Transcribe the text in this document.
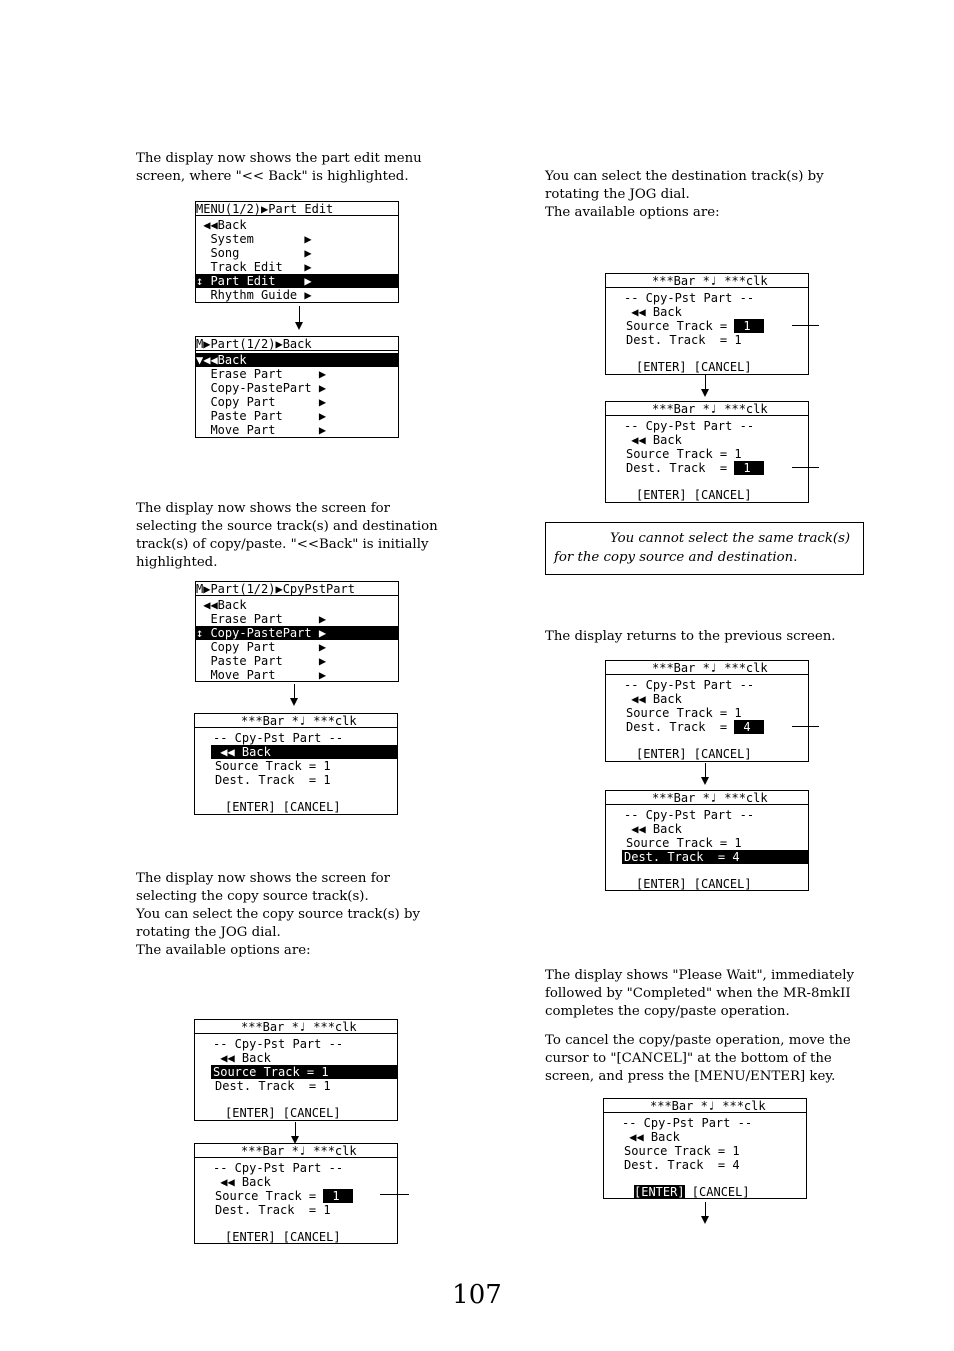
The display now shows the part edit menu
screen, where "<< Back" is highlighted.

MENU(1/2)▶Part Edit
◀◀Back
System       ▶
Song         ▶
Track Edit   ▶
↕ Part Edit    ▶
Rhythm Guide ▶
M▶Part(1/2)▶Back
▼◀◀Back
Erase Part     ▶
Copy-PastePart ▶
Copy Part      ▶
Paste Part     ▶
Move Part      ▶

The display now shows the screen for
selecting the source track(s) and destination
track(s) of copy/paste. "<<Back" is initially
highlighted.

M▶Part(1/2)▶CpyPstPart
◀◀Back
Erase Part     ▶
↕ Copy-PastePart ▶
Copy Part      ▶
Paste Part     ▶
Move Part      ▶
***Bar *♩ ***clk
-- Cpy-Pst Part --
◀◀ Back
Source Track = 1
Dest. Track  = 1
[ENTER] [CANCEL]

The display now shows the screen for
selecting the copy source track(s).
You can select the copy source track(s) by
rotating the JOG dial.
The available options are:

***Bar *♩ ***clk
-- Cpy-Pst Part --
◀◀ Back
Source Track = 1
Dest. Track  = 1
[ENTER] [CANCEL]
***Bar *♩ ***clk
-- Cpy-Pst Part --
◀◀ Back
Source Track = 1
Dest. Track  = 1
[ENTER] [CANCEL]

You can select the destination track(s) by
rotating the JOG dial.
The available options are:

***Bar *♩ ***clk
-- Cpy-Pst Part --
◀◀ Back
Source Track = 1
Dest. Track  = 1
[ENTER] [CANCEL]
***Bar *♩ ***clk
-- Cpy-Pst Part --
◀◀ Back
Source Track = 1
Dest. Track  = 1
[ENTER] [CANCEL]
You cannot select the same track(s)
for the copy source and destination.

The display returns to the previous screen.

***Bar *♩ ***clk
-- Cpy-Pst Part --
◀◀ Back
Source Track = 1
Dest. Track  = 4
[ENTER] [CANCEL]
***Bar *♩ ***clk
-- Cpy-Pst Part --
◀◀ Back
Source Track = 1
Dest. Track  = 4
[ENTER] [CANCEL]

The display shows "Please Wait", immediately
followed by "Completed" when the MR-8mkII
completes the copy/paste operation.

To cancel the copy/paste operation, move the
cursor to "[CANCEL]" at the bottom of the
screen, and press the [MENU/ENTER] key.

***Bar *♩ ***clk
-- Cpy-Pst Part --
◀◀ Back
Source Track = 1
Dest. Track  = 4
[ENTER] [CANCEL]
107
